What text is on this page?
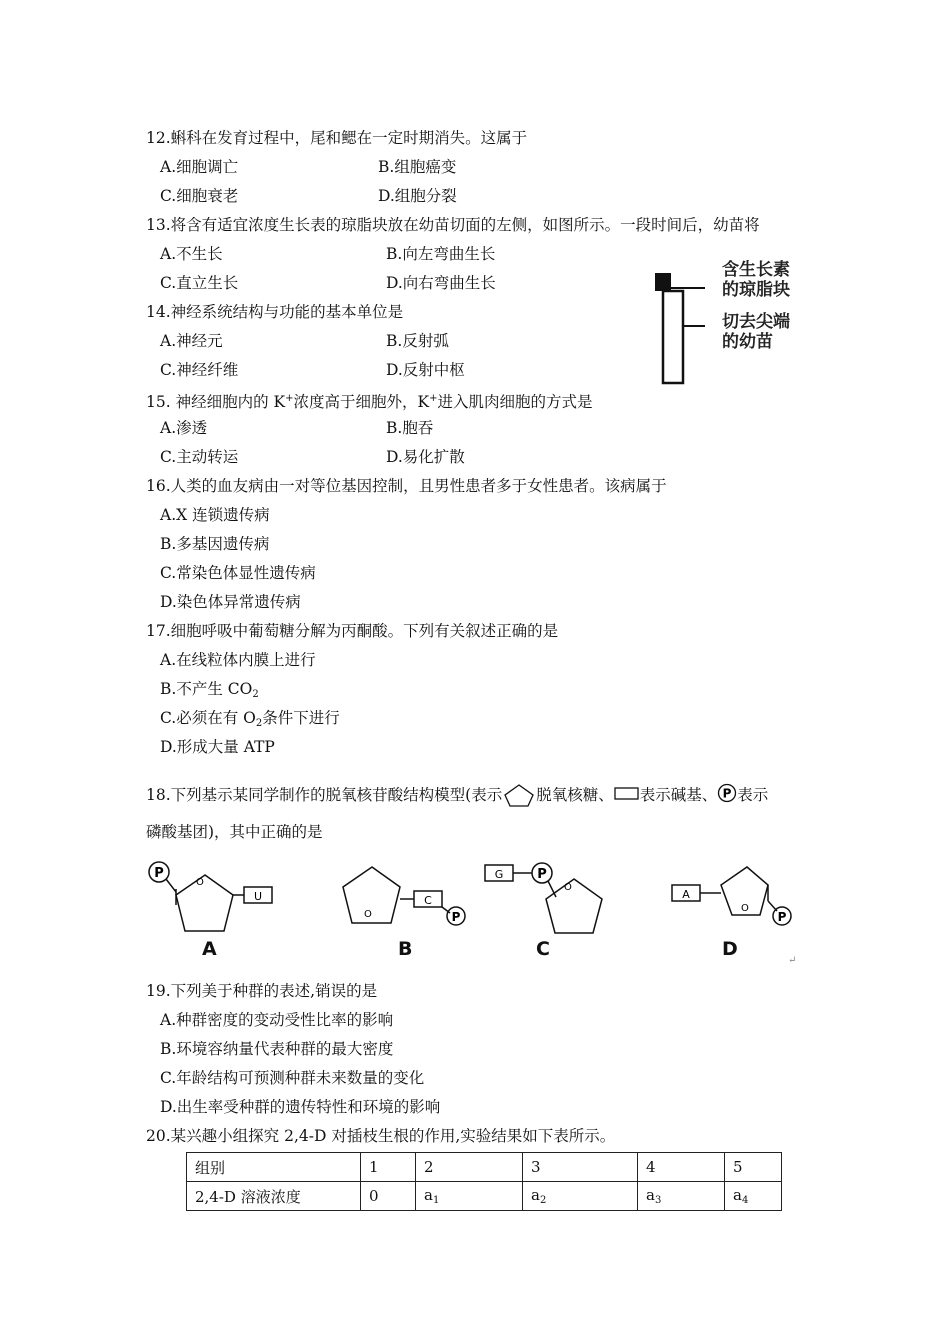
12.蝌科在发育过程中，尾和鳃在一定时期消失。这属于
A.细胞调亡	B.组胞癌变
C.细胞衰老	D.组胞分裂
13.将含有适宜浓度生长表的琼脂块放在幼苗切面的左侧，如图所示。一段时间后，幼苗将
A.不生长	B.向左弯曲生长
C.直立生长	D.向右弯曲生长
含生长素
的琼脂块
切去尖端
的幼苗
14.神经系统结构与功能的基本单位是
A.神经元	B.反射弧
C.神经纤维	D.反射中枢
15. 神经细胞内的 K+浓度高于细胞外，K+进入肌肉细胞的方式是
A.渗透	B.胞吞
C.主动转运	D.易化扩散
16.人类的血友病由一对等位基因控制，且男性患者多于女性患者。该病属于
A.X 连锁遗传病
B.多基因遗传病
C.常染色体显性遗传病
D.染色体异常遗传病
17.细胞呼吸中葡萄糖分解为丙酮酸。下列有关叙述正确的是
A.在线粒体内膜上进行
B.不产生 $CO_2$
C.必须在有 $O_2$条件下进行
D.形成大量 ATP
18.下列基示某同学制作的脱氧核苷酸结构模型(表示 脱氧核糖、 表示碱基、 P 表示
磷酸基团)，其中正确的是
P
O
U
O
C
P
G	P
O
A
O
P
A	B	C	D
↵
19.下列美于种群的表述,销误的是
A.种群密度的变动受性比率的影响
B.环境容纳量代表种群的最大密度
C.年龄结构可预测种群未来数量的变化
D.出生率受种群的遗传特性和环境的影响
20.某兴趣小组探究 2,4-D 对插枝生根的作用,实验结果如下表所示。
组别	1	2	3	4	5
2,4-D 溶液浓度	0	$a_1$	$a_2$	$a_3$	$a_4$
